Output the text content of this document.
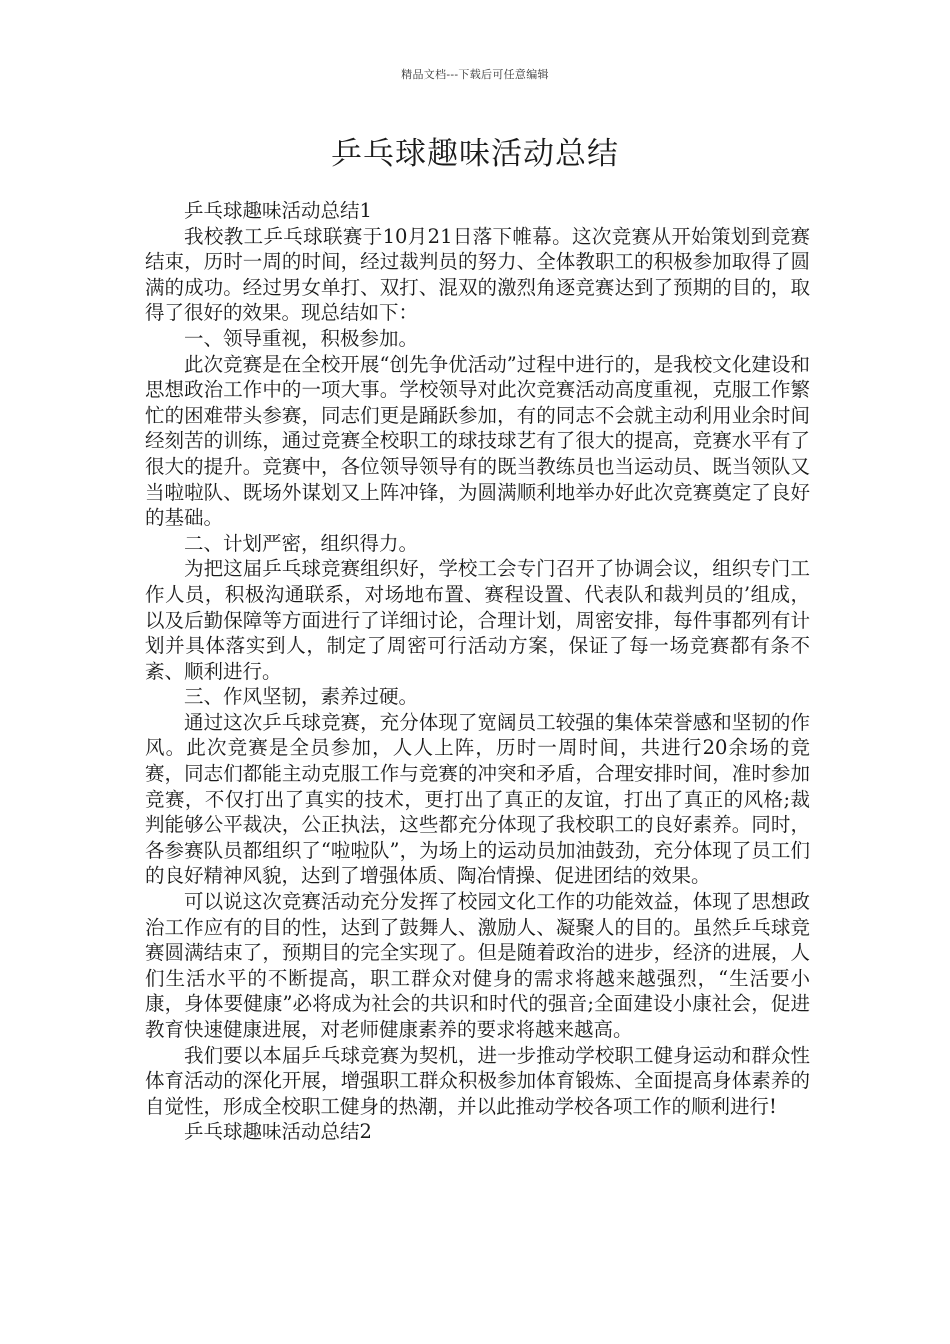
精品文档---下载后可任意编辑
乒乓球趣味活动总结

乒乓球趣味活动总结1

我校教工乒乓球联赛于10月21日落下帷幕。这次竞赛从开始策划到竞赛结束，历时一周的时间，经过裁判员的努力、全体教职工的积极参加取得了圆满的成功。经过男女单打、双打、混双的激烈角逐竞赛达到了预期的目的，取得了很好的效果。现总结如下：

一、领导重视，积极参加。

此次竞赛是在全校开展“创先争优活动”过程中进行的，是我校文化建设和思想政治工作中的一项大事。学校领导对此次竞赛活动高度重视，克服工作繁忙的困难带头参赛，同志们更是踊跃参加，有的同志不会就主动利用业余时间经刻苦的训练，通过竞赛全校职工的球技球艺有了很大的提高，竞赛水平有了很大的提升。竞赛中，各位领导领导有的既当教练员也当运动员、既当领队又当啦啦队、既场外谋划又上阵冲锋，为圆满顺利地举办好此次竞赛奠定了良好的基础。

二、计划严密，组织得力。

为把这届乒乓球竞赛组织好，学校工会专门召开了协调会议，组织专门工作人员，积极沟通联系，对场地布置、赛程设置、代表队和裁判员的’组成，以及后勤保障等方面进行了详细讨论，合理计划，周密安排，每件事都列有计划并具体落实到人，制定了周密可行活动方案，保证了每一场竞赛都有条不紊、顺利进行。

三、作风坚韧，素养过硬。

通过这次乒乓球竞赛，充分体现了宽阔员工较强的集体荣誉感和坚韧的作风。此次竞赛是全员参加，人人上阵，历时一周时间，共进行20余场的竞赛，同志们都能主动克服工作与竞赛的冲突和矛盾，合理安排时间，准时参加竞赛，不仅打出了真实的技术，更打出了真正的友谊，打出了真正的风格;裁判能够公平裁决，公正执法，这些都充分体现了我校职工的良好素养。同时，各参赛队员都组织了“啦啦队”，为场上的运动员加油鼓劲，充分体现了员工们的良好精神风貌，达到了增强体质、陶冶情操、促进团结的效果。

可以说这次竞赛活动充分发挥了校园文化工作的功能效益，体现了思想政治工作应有的目的性，达到了鼓舞人、激励人、凝聚人的目的。虽然乒乓球竞赛圆满结束了，预期目的完全实现了。但是随着政治的进步，经济的进展，人们生活水平的不断提高，职工群众对健身的需求将越来越强烈，“生活要小康，身体要健康”必将成为社会的共识和时代的强音;全面建设小康社会，促进教育快速健康进展，对老师健康素养的要求将越来越高。

我们要以本届乒乓球竞赛为契机，进一步推动学校职工健身运动和群众性体育活动的深化开展，增强职工群众积极参加体育锻炼、全面提高身体素养的自觉性，形成全校职工健身的热潮，并以此推动学校各项工作的顺利进行!

乒乓球趣味活动总结2
